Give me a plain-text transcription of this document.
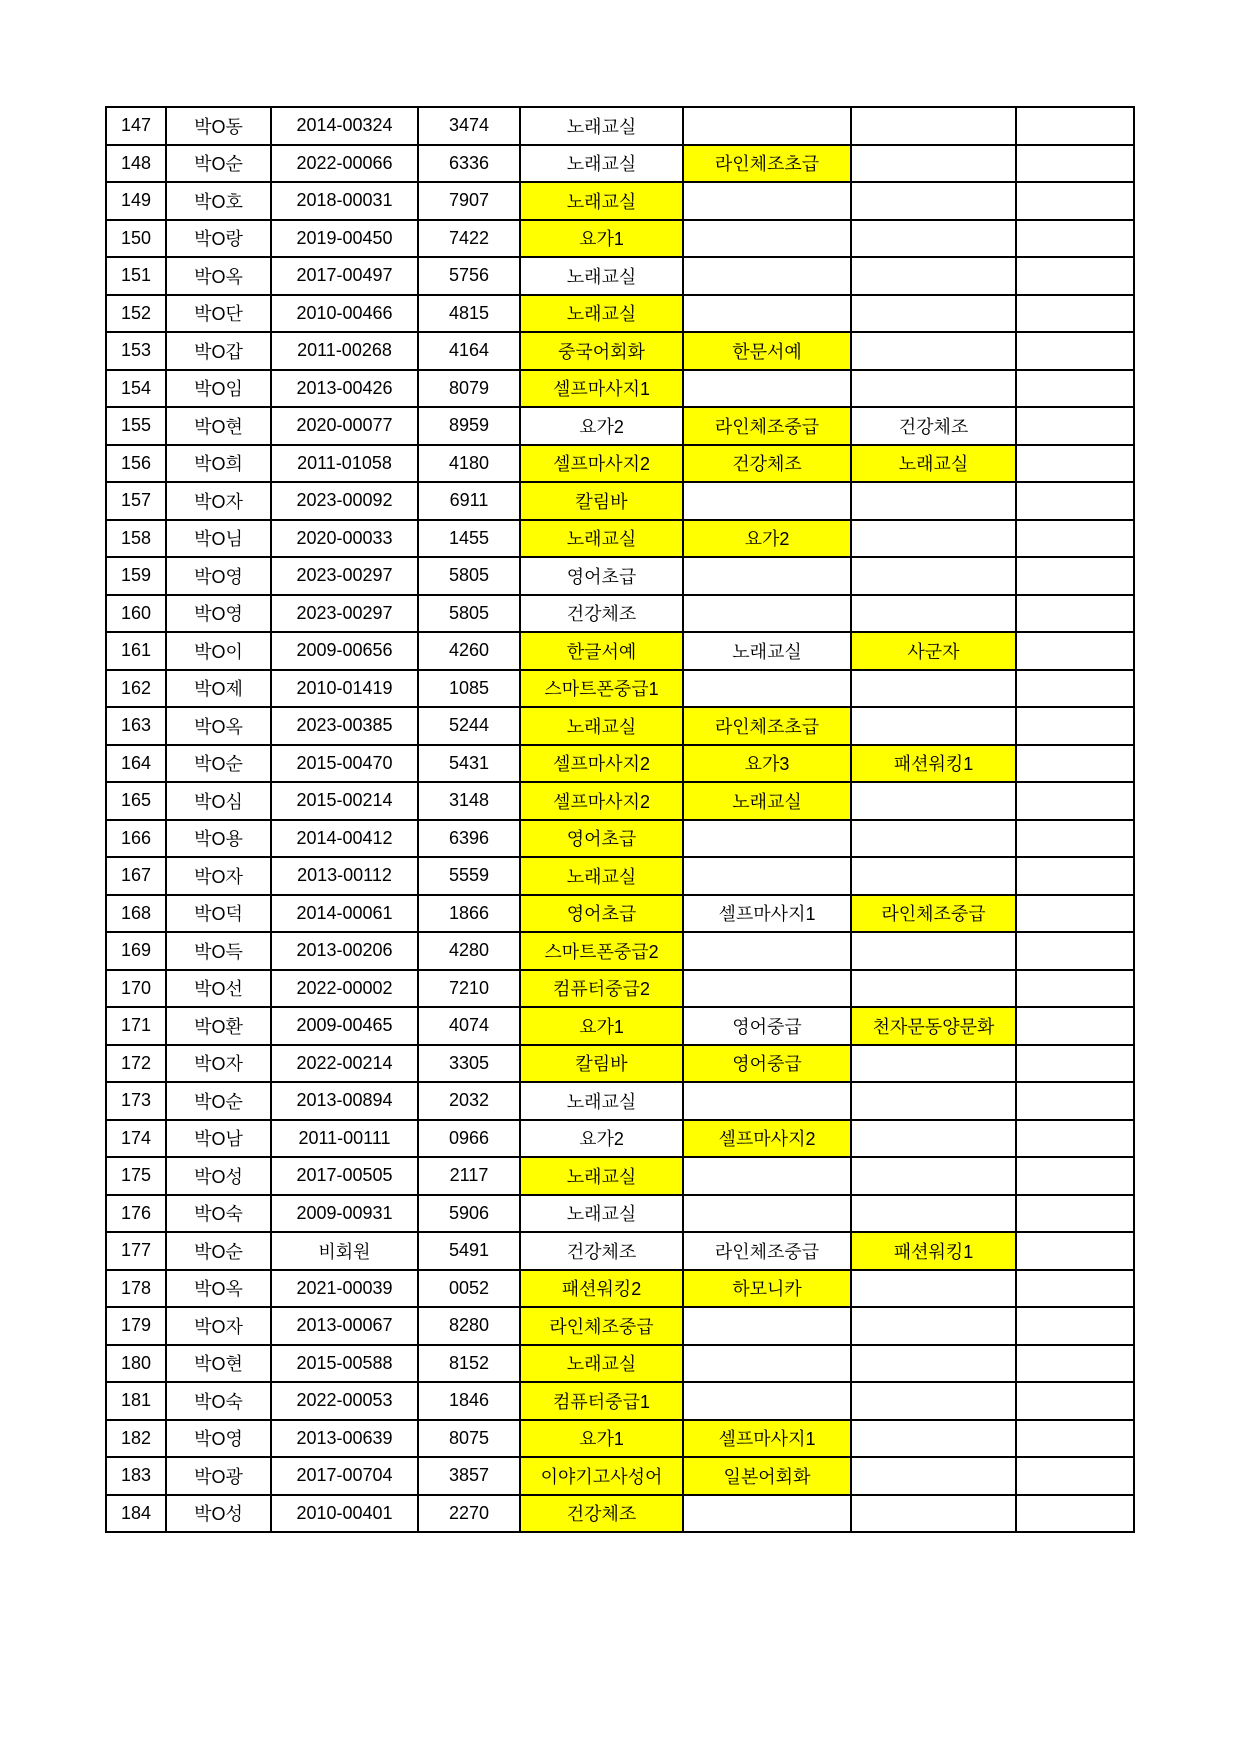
147	박O동	2014-00324	3474	노래교실			
148	박O순	2022-00066	6336	노래교실	라인체조초급		
149	박O호	2018-00031	7907	노래교실			
150	박O랑	2019-00450	7422	요가1			
151	박O옥	2017-00497	5756	노래교실			
152	박O단	2010-00466	4815	노래교실			
153	박O갑	2011-00268	4164	중국어회화	한문서예		
154	박O임	2013-00426	8079	셀프마사지1			
155	박O현	2020-00077	8959	요가2	라인체조중급	건강체조	
156	박O희	2011-01058	4180	셀프마사지2	건강체조	노래교실	
157	박O자	2023-00092	6911	칼림바			
158	박O님	2020-00033	1455	노래교실	요가2		
159	박O영	2023-00297	5805	영어초급			
160	박O영	2023-00297	5805	건강체조			
161	박O이	2009-00656	4260	한글서예	노래교실	사군자	
162	박O제	2010-01419	1085	스마트폰중급1			
163	박O옥	2023-00385	5244	노래교실	라인체조초급		
164	박O순	2015-00470	5431	셀프마사지2	요가3	패션워킹1	
165	박O심	2015-00214	3148	셀프마사지2	노래교실		
166	박O용	2014-00412	6396	영어초급			
167	박O자	2013-00112	5559	노래교실			
168	박O덕	2014-00061	1866	영어초급	셀프마사지1	라인체조중급	
169	박O득	2013-00206	4280	스마트폰중급2			
170	박O선	2022-00002	7210	컴퓨터중급2			
171	박O환	2009-00465	4074	요가1	영어중급	천자문동양문화	
172	박O자	2022-00214	3305	칼림바	영어중급		
173	박O순	2013-00894	2032	노래교실			
174	박O남	2011-00111	0966	요가2	셀프마사지2		
175	박O성	2017-00505	2117	노래교실			
176	박O숙	2009-00931	5906	노래교실			
177	박O순	비회원	5491	건강체조	라인체조중급	패션워킹1	
178	박O옥	2021-00039	0052	패션워킹2	하모니카		
179	박O자	2013-00067	8280	라인체조중급			
180	박O현	2015-00588	8152	노래교실			
181	박O숙	2022-00053	1846	컴퓨터중급1			
182	박O영	2013-00639	8075	요가1	셀프마사지1		
183	박O광	2017-00704	3857	이야기고사성어	일본어회화		
184	박O성	2010-00401	2270	건강체조			
